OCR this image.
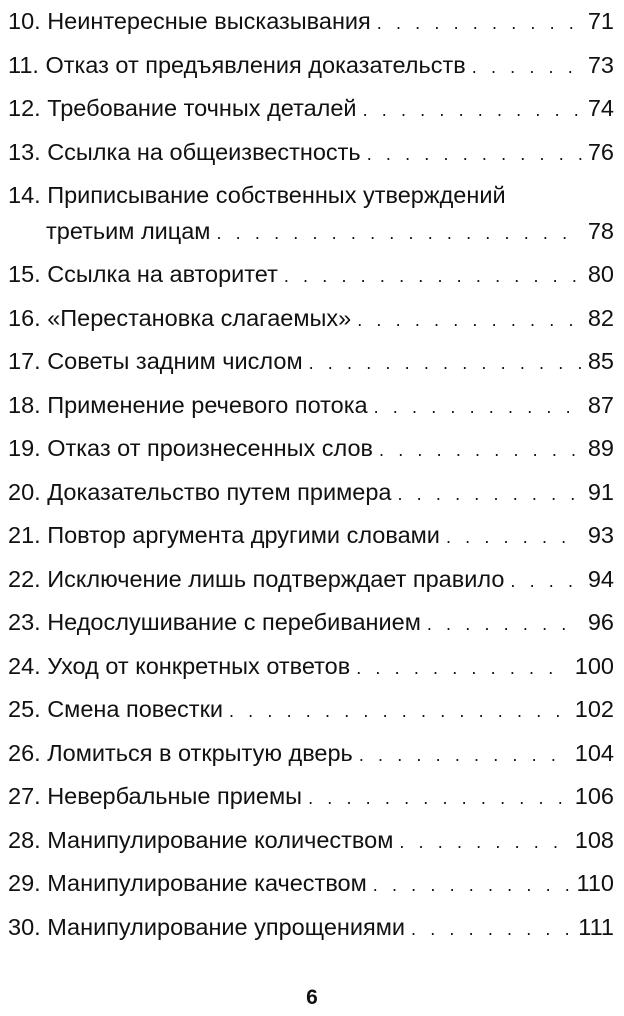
10. Неинтересные высказывания . . .	71
11. Отказ от предъявления доказательств . . .	73
12. Требование точных деталей . . .	74
13. Ссылка на общеизвестность . . .	76
14. Приписывание собственных утверждений
третьим лицам . . .	78
15. Ссылка на авторитет . . .	80
16. «Перестановка слагаемых» . . .	82
17. Советы задним числом . . .	85
18. Применение речевого потока . . .	87
19. Отказ от произнесенных слов . . .	89
20. Доказательство путем примера . . .	91
21. Повтор аргумента другими словами . . .	93
22. Исключение лишь подтверждает правило . . .	94
23. Недослушивание с перебиванием . . .	96
24. Уход от конкретных ответов . . .	100
25. Смена повестки . . .	102
26. Ломиться в открытую дверь . . .	104
27. Невербальные приемы . . .	106
28. Манипулирование количеством . . .	108
29. Манипулирование качеством . . .	110
30. Манипулирование упрощениями . . .	111
6
